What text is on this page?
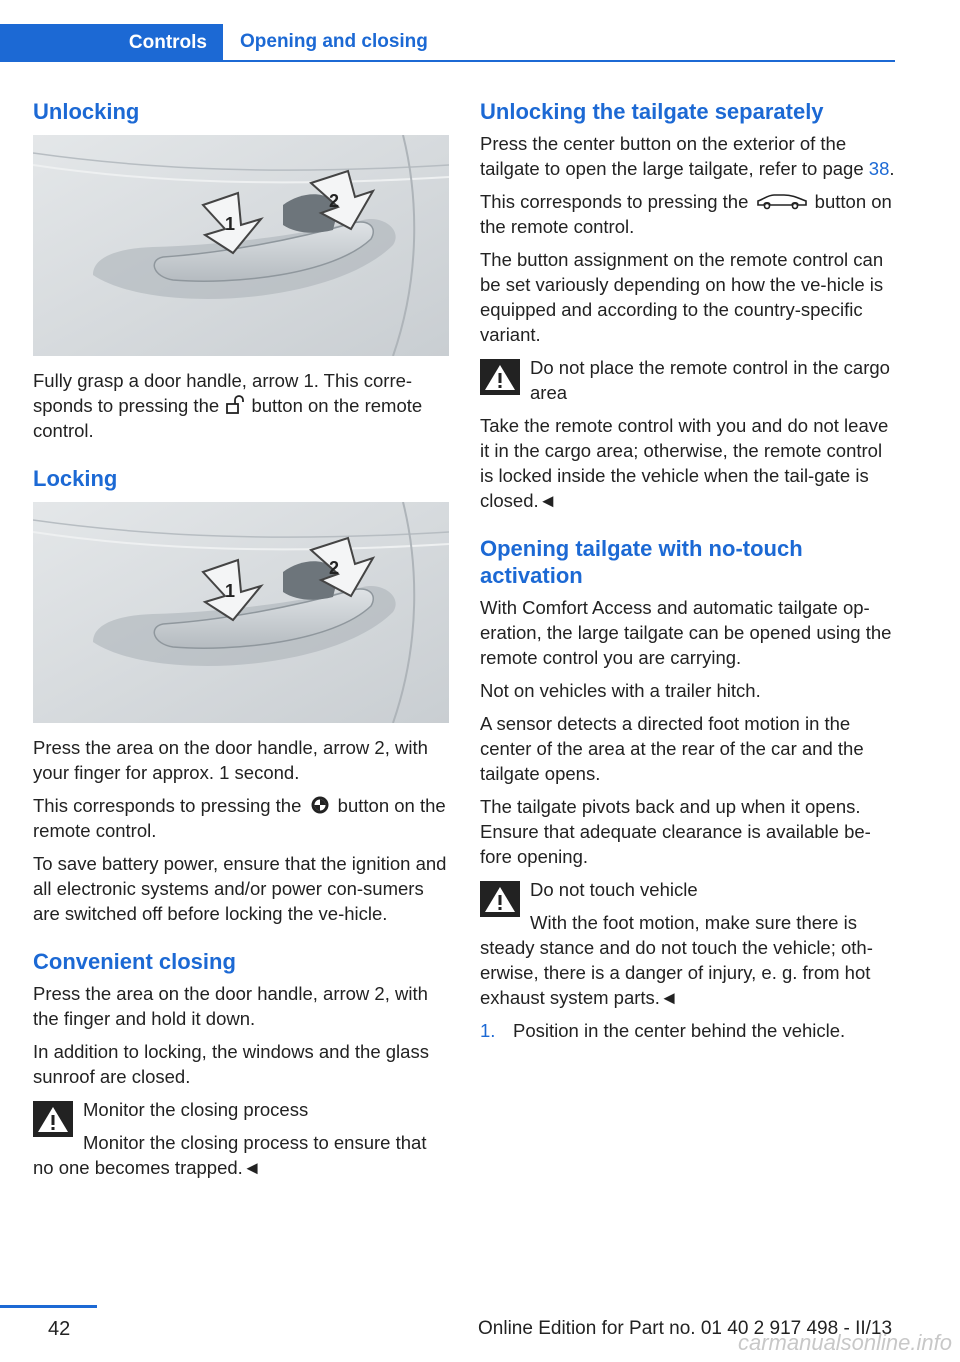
Controls	Opening and closing
Unlocking
1
2

Fully grasp a door handle, arrow 1. This corre- sponds to pressing the button on the remote control.

Locking
1
2

Press the area on the door handle, arrow 2, with your finger for approx. 1 second.

This corresponds to pressing the button on the remote control.

To save battery power, ensure that the ignition and all electronic systems and/or power con-sumers are switched off before locking the ve-hicle.

Convenient closing

Press the area on the door handle, arrow 2, with the finger and hold it down.

In addition to locking, the windows and the glass sunroof are closed.

Monitor the closing process

Monitor the closing process to ensure that no one becomes trapped.◄

Unlocking the tailgate separately

Press the center button on the exterior of the tailgate to open the large tailgate, refer to page 38.

This corresponds to pressing the	button on the remote control.

The button assignment on the remote control can be set variously depending on how the ve-hicle is equipped and according to the country-specific variant.

Do not place the remote control in the cargo area

Take the remote control with you and do not leave it in the cargo area; otherwise, the remote control is locked inside the vehicle when the tail-gate is closed.◄

Opening tailgate with no-touch activation

With Comfort Access and automatic tailgate op-eration, the large tailgate can be opened using the remote control you are carrying.

Not on vehicles with a trailer hitch.

A sensor detects a directed foot motion in the center of the area at the rear of the car and the tailgate opens.

The tailgate pivots back and up when it opens. Ensure that adequate clearance is available be-fore opening.

Do not touch vehicle

With the foot motion, make sure there is steady stance and do not touch the vehicle; oth-erwise, there is a danger of injury, e. g. from hot exhaust system parts.◄

1. Position in the center behind the vehicle.

42	Online Edition for Part no. 01 40 2 917 498 - II/13
carmanualsonline.info
